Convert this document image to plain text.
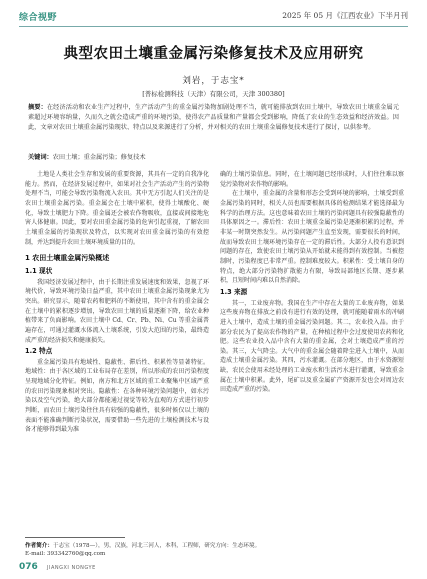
综合视野	2025 年 05 月《江西农业》下半月刊
典型农田土壤重金属污染修复技术及应用研究
刘岩，于志宝*
[普标检测科技（天津）有限公司，天津 300380]
摘要：在经济活动和农业生产过程中，生产活动产生的重金属污染物加剧处理不当，就可能排放到农田土壤中，导致农田土壤重金属元素超过环境容纳量，久而久之就会造成严重的环境污染，使得农产品质量和产量都会受到影响，降低了农业的生态效益和经济效益。因此，文章对农田土壤重金属污染现状、特点以及来源进行了分析，并对相关的农田土壤重金属修复技术进行了探讨，以供参考。
关键词：农田土壤；重金属污染；修复技术

土地是人类社会生存和发展的重要资源，其具有一定的自我净化能力。然而，在经济发展过程中，如果对社会生产活动产生的污染物处理不当，可能会导致污染物流入农田。其中无方引起人们关注的是农田土壤重金属污染。重金属会在土壤中累积，使得土壤酸化、硬化，导致土壤肥力下降。重金属还会被农作物吸收，直接或间接地危害人体健康。因此，要对农田重金属污染的危害引起重视，了解农田土壤重金属的污染现状及特点，以实现对农田重金属污染的有效控制，并达到提升农田土壤环境质量的目的。

1 农田土壤重金属污染概述
1.1 现状

我国经济发展过程中，由于长期注重发展速度和效果，忽视了环境代价，导致环境污染日益严重，其中农田土壤重金属污染现象尤为突出。研究显示，随着农药和肥料的不断使用，其中含有的重金属会在土壤中的累积逐步增加，导致农田土壤的质量逐渐下降，给农业种植带来了负面影响。农田土壤中 Cd、Cr、Pb、Ni、Cu 等重金属普遍存在，可通过灌溉水体流入土壤系统，引发大范围的污染，最终造成严重的经济损失和健康损失。

1.2 特点

重金属污染具有地域性、隐蔽性、滞后性、积累性等显著特征。地域性：由于各区域的工业布局存在差别，所以形成的农田污染程度呈现地域分化特征。例如，南方和北方区域的重工业聚集中区域严重的农田污染现象相对突出。隐蔽性：在各种环境污染问题中，如水污染以及空气污染，绝大部分都能通过视觉等较为直观的方式进行初步判断，而农田土壤污染往往具有较强的隐蔽性，很多时候仅以土壤的表面不能准确判断污染状况，需要借助一些先进的土壤检测技术与设备才能够得到最为准

确的土壤污染信息。同时，在土壤问题已经形成时，人们往往难以察觉污染物对农作物的影响。

在土壤中，重金属的含量和形态会受到环境的影响，土壤受到重金属污染的同时，相关人员也需要根据具体的检测结果才能选择最为科学的治理方法。这也意味着农田土壤的污染问题具有较强隐蔽性的具体原因之一。滞后性：农田土壤重金属污染是逐渐积累的过程，并非某一时期突然发生。从污染问题产生直至发现，需要很长的时间，故而导致农田土壤环境污染存在一定的滞后性。大部分人投有意识到问题的存在，致使农田土壤污染从开始就未能得到有效控制。当被控制时，污染程度已非常严重。控制难度较大。积累性：受土壤自身的特点，绝大部分污染物扩散能力有限，导致局部地区长期、逐步累积，且短时间内难以自然消除。

1.3 来源

其一，工业废弃物。我国在生产中存在大量的工业废弃物，如果这些废弃物在排放之前没有进行有效的处理，就可能随着雨水的冲刷进入土壤中，造成土壤的重金属污染问题。其二，农业投入品。由于部分农民为了提高农作物的产量，在种植过程中会过度使用农药和化肥。这些农业投入品中含有大量的重金属，会对土壤造成严重的污染。其三，大气降尘。大气中的重金属会随着降尘进入土壤中，从而造成土壤重金属污染。其四，污水灌溉。在部分地区，由于水资源短缺，农民会使用未经处理的工业废水和生活污水进行灌溉，导致重金属在土壤中积累。此外，尾矿以及重金属矿产资源开发也会对周边农田造成严重的污染。

作者简介：于志宝（1978—），男，汉族，河北三河人，本科，工程师，研究方向：生态环境。
E-mail: 393342760@qq.com
076 JIANGXI NONGYE
